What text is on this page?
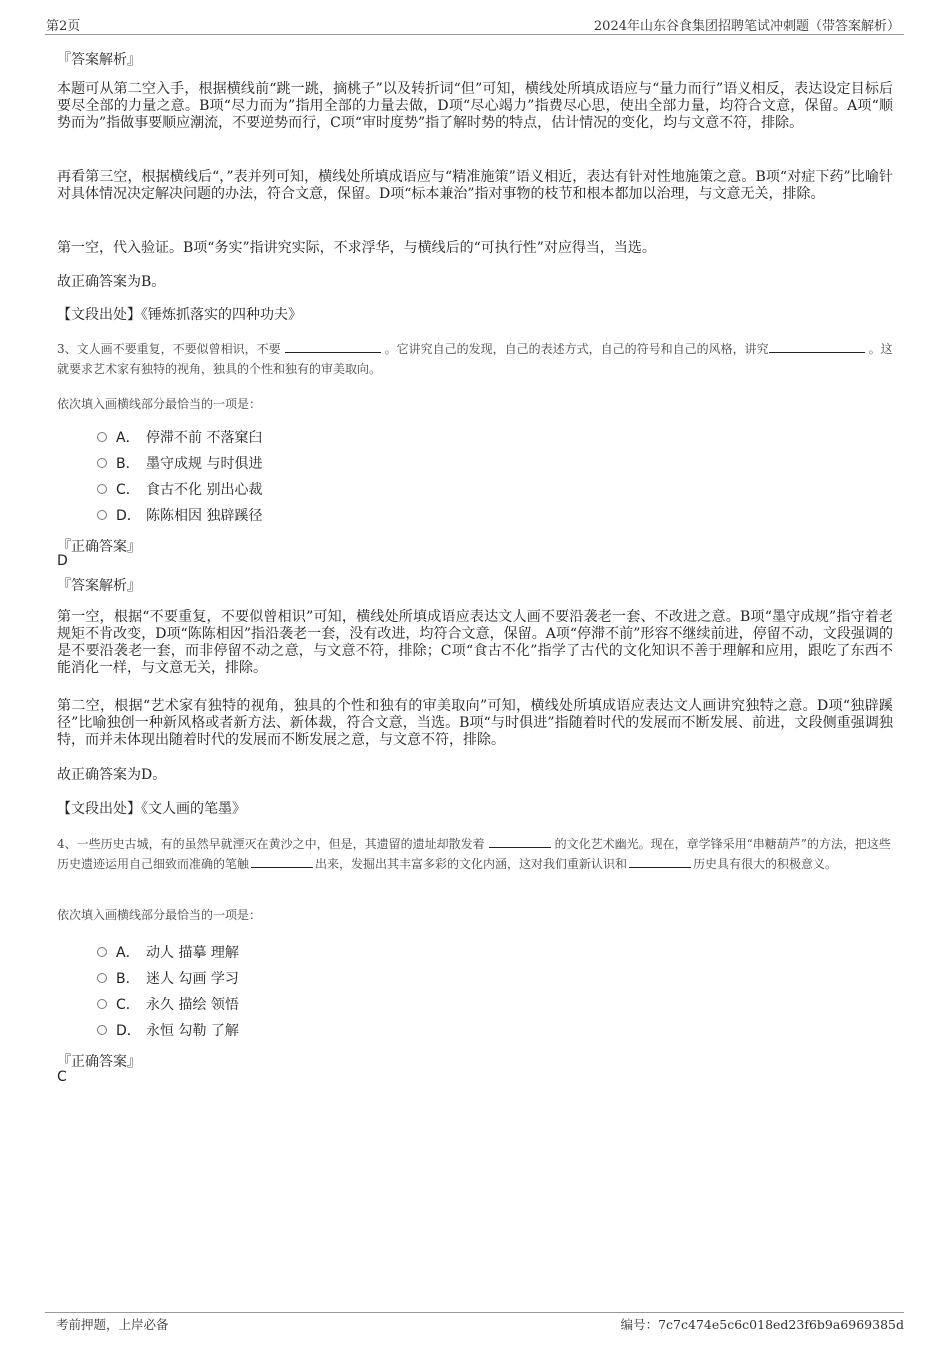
第2页	2024年山东谷食集团招聘笔试冲刺题（带答案解析）
『答案解析』

本题可从第二空入手，根据横线前“跳一跳，摘桃子”以及转折词“但”可知，横线处所填成语应与“量力而行”语义相反，表达设定目标后要尽全部的力量之意。B项“尽力而为”指用全部的力量去做，D项“尽心竭力”指费尽心思，使出全部力量，均符合文意，保留。A项“顺势而为”指做事要顺应潮流，不要逆势而行，C项“审时度势”指了解时势的特点，估计情况的变化，均与文意不符，排除。

再看第三空，根据横线后“，”表并列可知，横线处所填成语应与“精准施策”语义相近，表达有针对性地施策之意。B项“对症下药”比喻针对具体情况决定解决问题的办法，符合文意，保留。D项“标本兼治”指对事物的枝节和根本都加以治理，与文意无关，排除。

第一空，代入验证。B项“务实”指讲究实际，不求浮华，与横线后的“可执行性”对应得当，当选。

故正确答案为B。

【文段出处】《锤炼抓落实的四种功夫》

3、文人画不要重复，不要似曾相识，不要	。它讲究自己的发现，自己的表述方式，自己的符号和自己的风格，讲究	。这就要求艺术家有独特的视角，独具的个性和独有的审美取向。

依次填入画横线部分最恰当的一项是：

A． 停滞不前 不落窠臼
B． 墨守成规 与时俱进
C． 食古不化 别出心裁
D． 陈陈相因 独辟蹊径
『正确答案』
D
『答案解析』

第一空，根据“不要重复，不要似曾相识”可知，横线处所填成语应表达文人画不要沿袭老一套、不改进之意。B项“墨守成规”指守着老规矩不肯改变，D项“陈陈相因”指沿袭老一套，没有改进，均符合文意，保留。A项“停滞不前”形容不继续前进，停留不动，文段强调的是不要沿袭老一套，而非停留不动之意，与文意不符，排除；C项“食古不化”指学了古代的文化知识不善于理解和应用，跟吃了东西不能消化一样，与文意无关，排除。

第二空，根据“艺术家有独特的视角，独具的个性和独有的审美取向”可知，横线处所填成语应表达文人画讲究独特之意。D项“独辟蹊径”比喻独创一种新风格或者新方法、新体裁，符合文意，当选。B项“与时俱进”指随着时代的发展而不断发展、前进，文段侧重强调独特，而并未体现出随着时代的发展而不断发展之意，与文意不符，排除。

故正确答案为D。

【文段出处】《文人画的笔墨》

4、一些历史古城，有的虽然早就湮灭在黄沙之中，但是，其遗留的遗址却散发着	的文化艺术幽光。现在，章学锋采用“串糖葫芦”的方法，把这些历史遗迹运用自己细致而准确的笔触	出来，发掘出其丰富多彩的文化内涵，这对我们重新认识和	历史具有很大的积极意义。

依次填入画横线部分最恰当的一项是：

A． 动人 描摹 理解
B． 迷人 勾画 学习
C． 永久 描绘 领悟
D． 永恒 勾勒 了解
『正确答案』
C
考前押题，上岸必备	编号：7c7c474e5c6c018ed23f6b9a6969385d
